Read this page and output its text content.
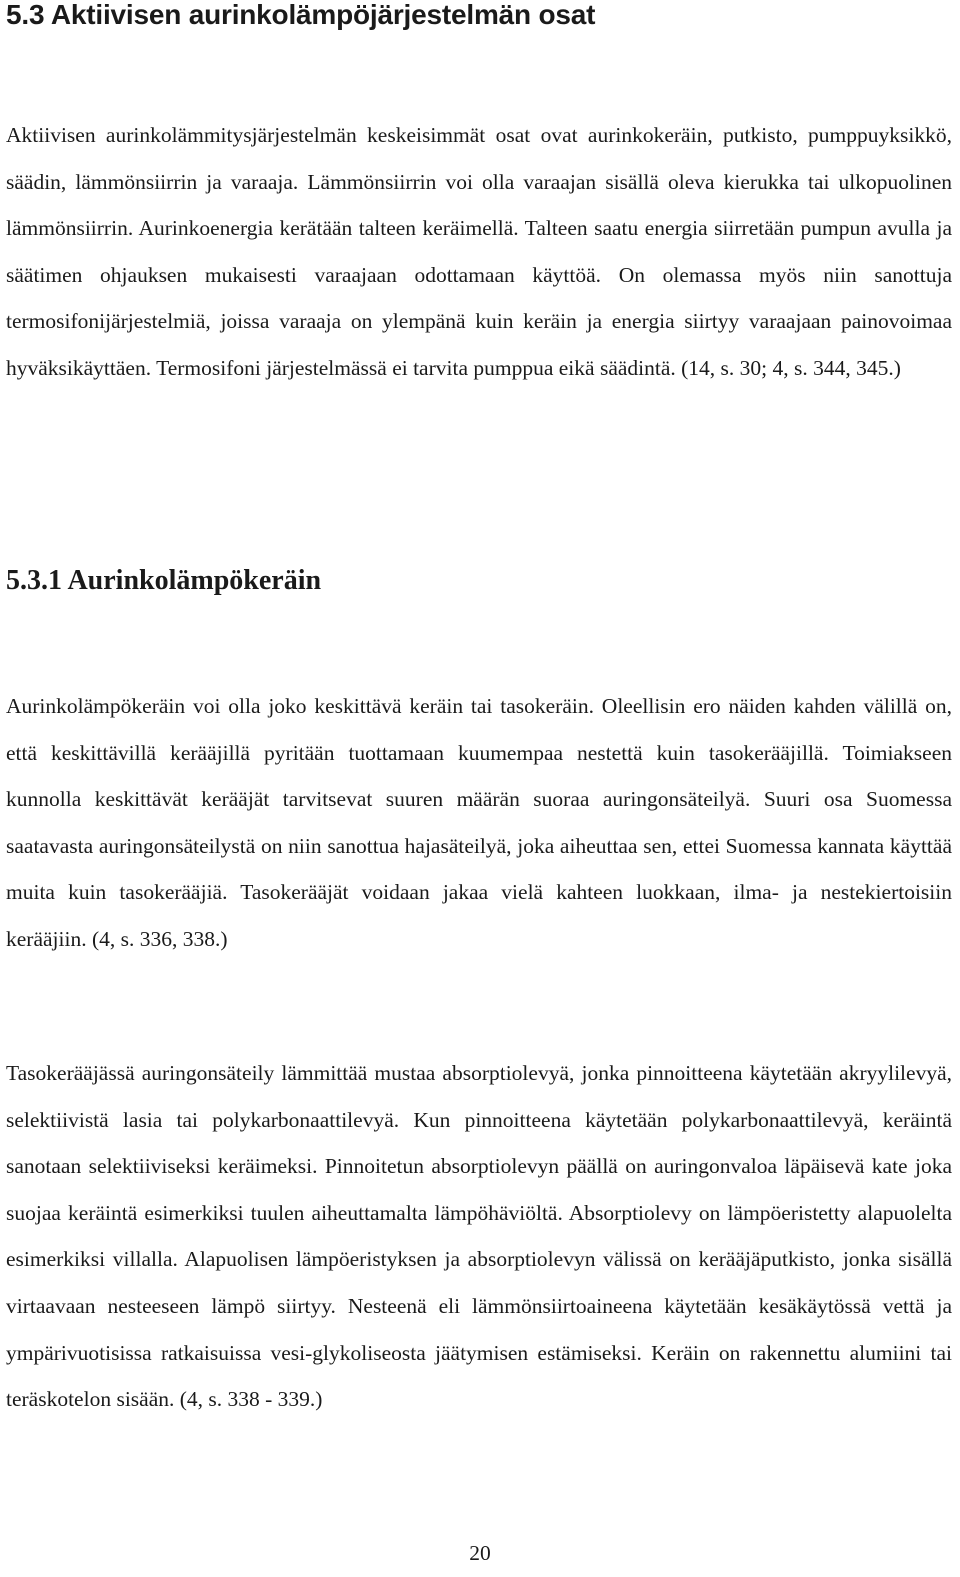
5.3 Aktiivisen aurinkolämpöjärjestelmän osat

Aktiivisen aurinkolämmitysjärjestelmän keskeisimmät osat ovat aurinkokeräin, putkisto, pumppuyksikkö, säädin, lämmönsiirrin ja varaaja. Lämmönsiirrin voi olla varaajan sisällä oleva kierukka tai ulkopuolinen lämmönsiirrin. Aurinkoenergia kerätään talteen keräimellä. Talteen saatu energia siirretään pumpun avulla ja säätimen ohjauksen mukaisesti varaajaan odottamaan käyttöä. On olemassa myös niin sanottuja termosifonijärjestelmiä, joissa varaaja on ylempänä kuin keräin ja energia siirtyy varaajaan painovoimaa hyväksikäyttäen. Termosifoni järjestelmässä ei tarvita pumppua eikä säädintä. (14, s. 30; 4, s. 344, 345.)

5.3.1 Aurinkolämpökeräin

Aurinkolämpökeräin voi olla joko keskittävä keräin tai tasokeräin. Oleellisin ero näiden kahden välillä on, että keskittävillä kerääjillä pyritään tuottamaan kuumempaa nestettä kuin tasokerääjillä. Toimiakseen kunnolla keskittävät kerääjät tarvitsevat suuren määrän suoraa auringonsäteilyä. Suuri osa Suomessa saatavasta auringonsäteilystä on niin sanottua hajasäteilyä, joka aiheuttaa sen, ettei Suomessa kannata käyttää muita kuin tasokerääjiä. Tasokerääjät voidaan jakaa vielä kahteen luokkaan, ilma- ja nestekiertoisiin kerääjiin. (4, s. 336, 338.)

Tasokerääjässä auringonsäteily lämmittää mustaa absorptiolevyä, jonka pinnoitteena käytetään akryylilevyä, selektiivistä lasia tai polykarbonaattilevyä. Kun pinnoitteena käytetään polykarbonaattilevyä, keräintä sanotaan selektiiviseksi keräimeksi. Pinnoitetun absorptiolevyn päällä on auringonvaloa läpäisevä kate joka suojaa keräintä esimerkiksi tuulen aiheuttamalta lämpöhäviöltä. Absorptiolevy on lämpöeristetty alapuolelta esimerkiksi villalla. Alapuolisen lämpöeristyksen ja absorptiolevyn välissä on kerääjäputkisto, jonka sisällä virtaavaan nesteeseen lämpö siirtyy. Nesteenä eli lämmönsiirtoaineena käytetään kesäkäytössä vettä ja ympärivuotisissa ratkaisuissa vesi-glykoliseosta jäätymisen estämiseksi. Keräin on rakennettu alumiini tai teräskotelon sisään. (4, s. 338 - 339.)

20
